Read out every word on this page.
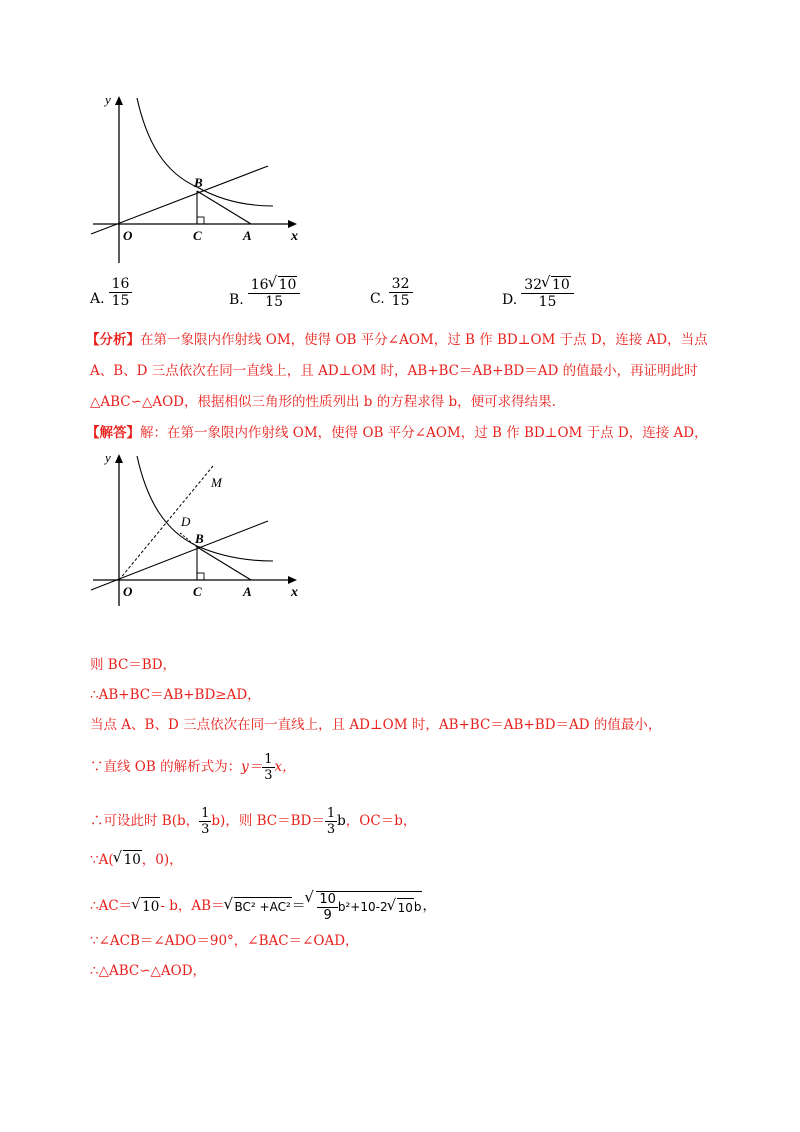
y
x
B
O	C	A
A. $\frac{16}{15}$	B. $\frac{16 √ 10}{15}$	C. $\frac{32}{15}$	D. $\frac{32 √ 10}{15}$
【分析】在第一象限内作射线 OM，使得 OB 平分∠AOM，过 B 作 BD⊥OM 于点 D，连接 AD，当点
A、B、D 三点依次在同一直线上，且 AD⊥OM 时，AB+BC＝AB+BD＝AD 的值最小，再证明此时
△ABC∽△AOD，根据相似三角形的性质列出 b 的方程求得 b，便可求得结果.
【解答】解：在第一象限内作射线 OM，使得 OB 平分∠AOM，过 B 作 BD⊥OM 于点 D，连接 AD，
y
x
M
D
B
O	C	A
则 BC＝BD，
∴AB+BC＝AB+BD≥AD，
当点 A、B、D 三点依次在同一直线上，且 AD⊥OM 时，AB+BC＝AB+BD＝AD 的值最小，
∵直线 OB 的解析式为： $y= \frac{1}{3}$ x，
∴可设此时 B(b， $\frac{1}{3} b$)，则 $BC=BD= \frac{1}{3}$ b ，OC＝b，
∵A( √ 10 ，0)，
∴AC＝ √ 10 - b，AB＝ √ BC² +AC² ＝ √ $\frac{10}{9} b^2+10-2$ √ 10 b ，
∵∠ACB＝∠ADO＝90°，∠BAC＝∠OAD，
∴△ABC∽△AOD，
